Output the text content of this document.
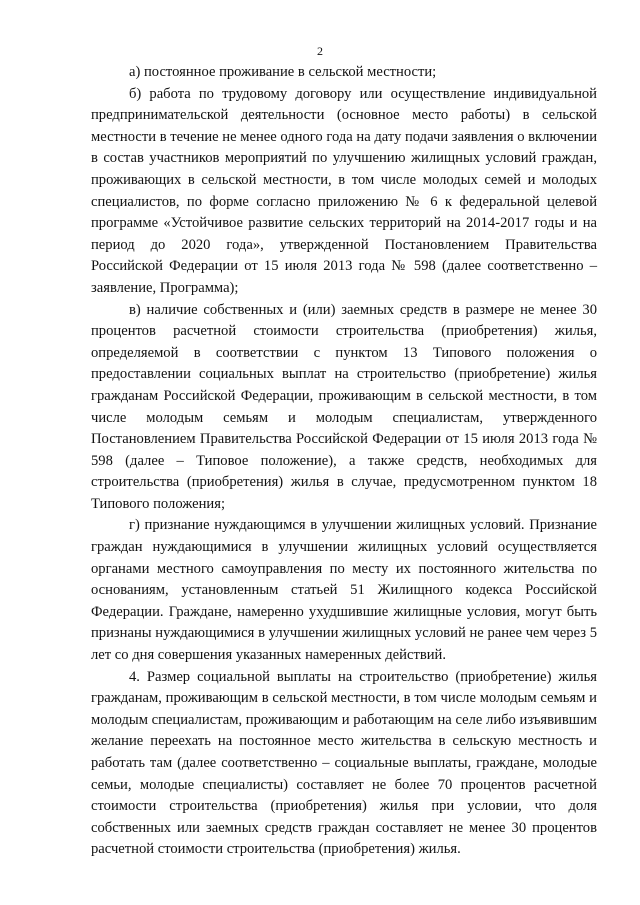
2

а) постоянное проживание в сельской местности;

б) работа по трудовому договору или осуществление индивидуальной предпринимательской деятельности (основное место работы) в сельской местности в течение не менее одного года на дату подачи заявления о включении в состав участников мероприятий по улучшению жилищных условий граждан, проживающих в сельской местности, в том числе молодых семей и молодых специалистов, по форме согласно приложению № 6 к федеральной целевой программе «Устойчивое развитие сельских территорий на 2014-2017 годы и на период до 2020 года», утвержденной Постановлением Правительства Российской Федерации от 15 июля 2013 года № 598 (далее соответственно – заявление, Программа);

в) наличие собственных и (или) заемных средств в размере не менее 30 процентов расчетной стоимости строительства (приобретения) жилья, определяемой в соответствии с пунктом 13 Типового положения о предоставлении социальных выплат на строительство (приобретение) жилья гражданам Российской Федерации, проживающим в сельской местности, в том числе молодым семьям и молодым специалистам, утвержденного Постановлением Правительства Российской Федерации от 15 июля 2013 года № 598 (далее – Типовое положение), а также средств, необходимых для строительства (приобретения) жилья в случае, предусмотренном пунктом 18 Типового положения;

г) признание нуждающимся в улучшении жилищных условий. Признание граждан нуждающимися в улучшении жилищных условий осуществляется органами местного самоуправления по месту их постоянного жительства по основаниям, установленным статьей 51 Жилищного кодекса Российской Федерации. Граждане, намеренно ухудшившие жилищные условия, могут быть признаны нуждающимися в улучшении жилищных условий не ранее чем через 5 лет со дня совершения указанных намеренных действий.

4. Размер социальной выплаты на строительство (приобретение) жилья гражданам, проживающим в сельской местности, в том числе молодым семьям и молодым специалистам, проживающим и работающим на селе либо изъявившим желание переехать на постоянное место жительства в сельскую местность и работать там (далее соответственно – социальные выплаты, граждане, молодые семьи, молодые специалисты) составляет не более 70 процентов расчетной стоимости строительства (приобретения) жилья при условии, что доля собственных или заемных средств граждан составляет не менее 30 процентов расчетной стоимости строительства (приобретения) жилья.
